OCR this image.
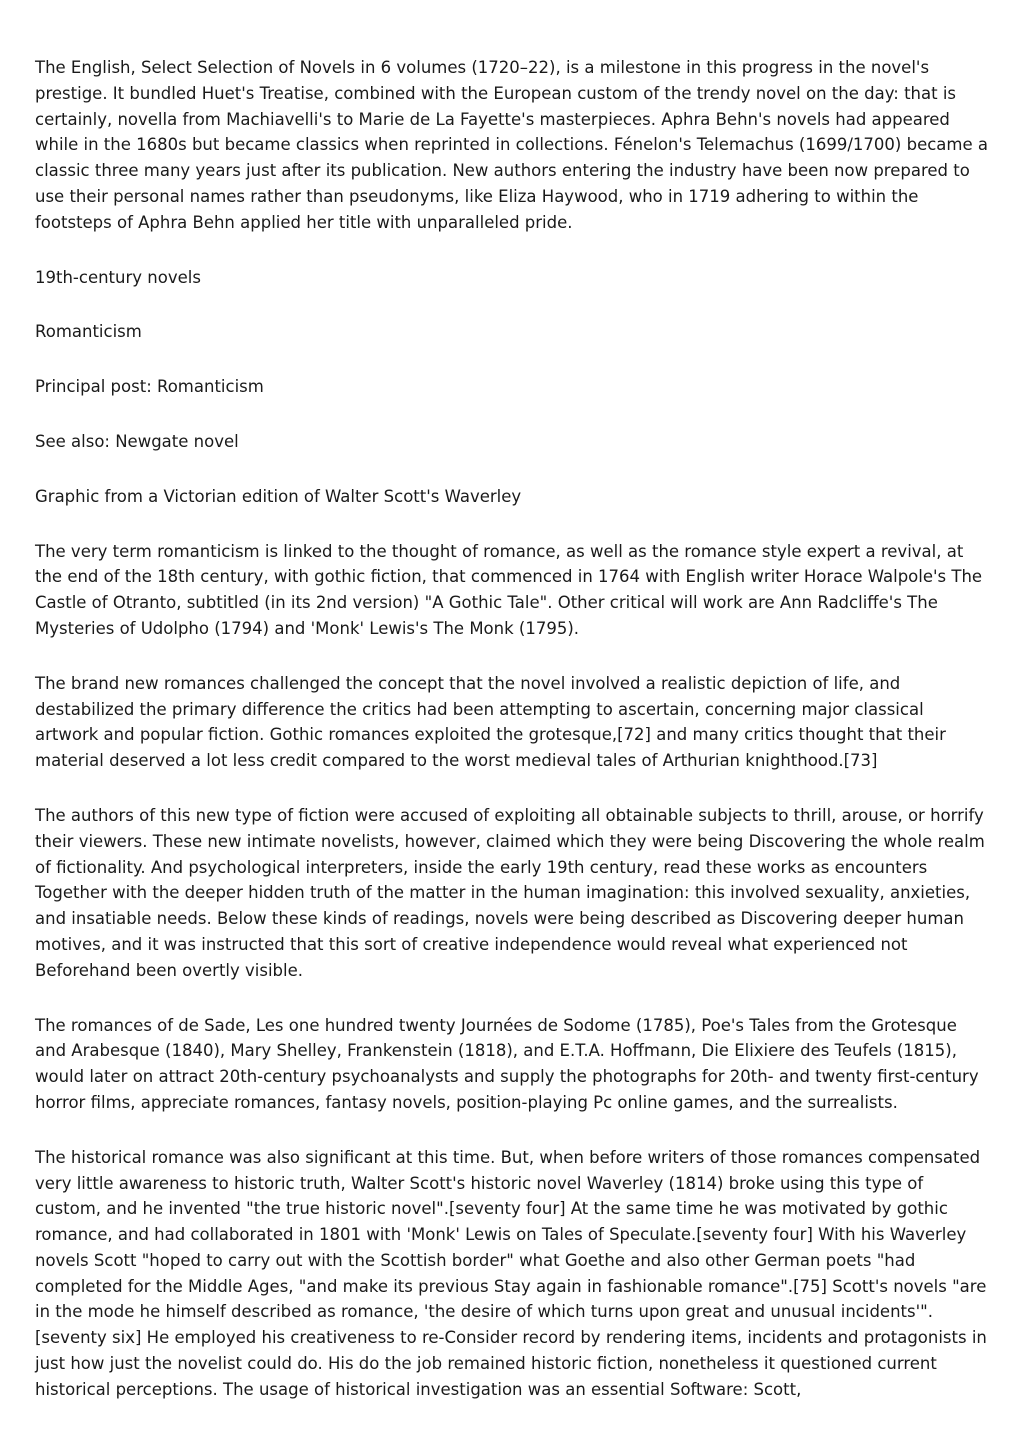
The English, Select Selection of Novels in 6 volumes (1720–22), is a milestone in this progress in the novel's prestige. It bundled Huet's Treatise, combined with the European custom of the trendy novel on the day: that is certainly, novella from Machiavelli's to Marie de La Fayette's masterpieces. Aphra Behn's novels had appeared while in the 1680s but became classics when reprinted in collections. Fénelon's Telemachus (1699/1700) became a classic three many years just after its publication. New authors entering the industry have been now prepared to use their personal names rather than pseudonyms, like Eliza Haywood, who in 1719 adhering to within the footsteps of Aphra Behn applied her title with unparalleled pride.

19th-century novels

Romanticism

Principal post: Romanticism

See also: Newgate novel

Graphic from a Victorian edition of Walter Scott's Waverley

The very term romanticism is linked to the thought of romance, as well as the romance style expert a revival, at the end of the 18th century, with gothic fiction, that commenced in 1764 with English writer Horace Walpole's The Castle of Otranto, subtitled (in its 2nd version) "A Gothic Tale". Other critical will work are Ann Radcliffe's The Mysteries of Udolpho (1794) and 'Monk' Lewis's The Monk (1795).

The brand new romances challenged the concept that the novel involved a realistic depiction of life, and destabilized the primary difference the critics had been attempting to ascertain, concerning major classical artwork and popular fiction. Gothic romances exploited the grotesque,[72] and many critics thought that their material deserved a lot less credit compared to the worst medieval tales of Arthurian knighthood.[73]

The authors of this new type of fiction were accused of exploiting all obtainable subjects to thrill, arouse, or horrify their viewers. These new intimate novelists, however, claimed which they were being Discovering the whole realm of fictionality. And psychological interpreters, inside the early 19th century, read these works as encounters Together with the deeper hidden truth of the matter in the human imagination: this involved sexuality, anxieties, and insatiable needs. Below these kinds of readings, novels were being described as Discovering deeper human motives, and it was instructed that this sort of creative independence would reveal what experienced not Beforehand been overtly visible.

The romances of de Sade, Les one hundred twenty Journées de Sodome (1785), Poe's Tales from the Grotesque and Arabesque (1840), Mary Shelley, Frankenstein (1818), and E.T.A. Hoffmann, Die Elixiere des Teufels (1815), would later on attract 20th-century psychoanalysts and supply the photographs for 20th- and twenty first-century horror films, appreciate romances, fantasy novels, position-playing Pc online games, and the surrealists.

The historical romance was also significant at this time. But, when before writers of those romances compensated very little awareness to historic truth, Walter Scott's historic novel Waverley (1814) broke using this type of custom, and he invented "the true historic novel".[seventy four] At the same time he was motivated by gothic romance, and had collaborated in 1801 with 'Monk' Lewis on Tales of Speculate.[seventy four] With his Waverley novels Scott "hoped to carry out with the Scottish border" what Goethe and also other German poets "had completed for the Middle Ages, "and make its previous Stay again in fashionable romance".[75] Scott's novels "are in the mode he himself described as romance, 'the desire of which turns upon great and unusual incidents'".[seventy six] He employed his creativeness to re-Consider record by rendering items, incidents and protagonists in just how just the novelist could do. His do the job remained historic fiction, nonetheless it questioned current historical perceptions. The usage of historical investigation was an essential Software: Scott,
